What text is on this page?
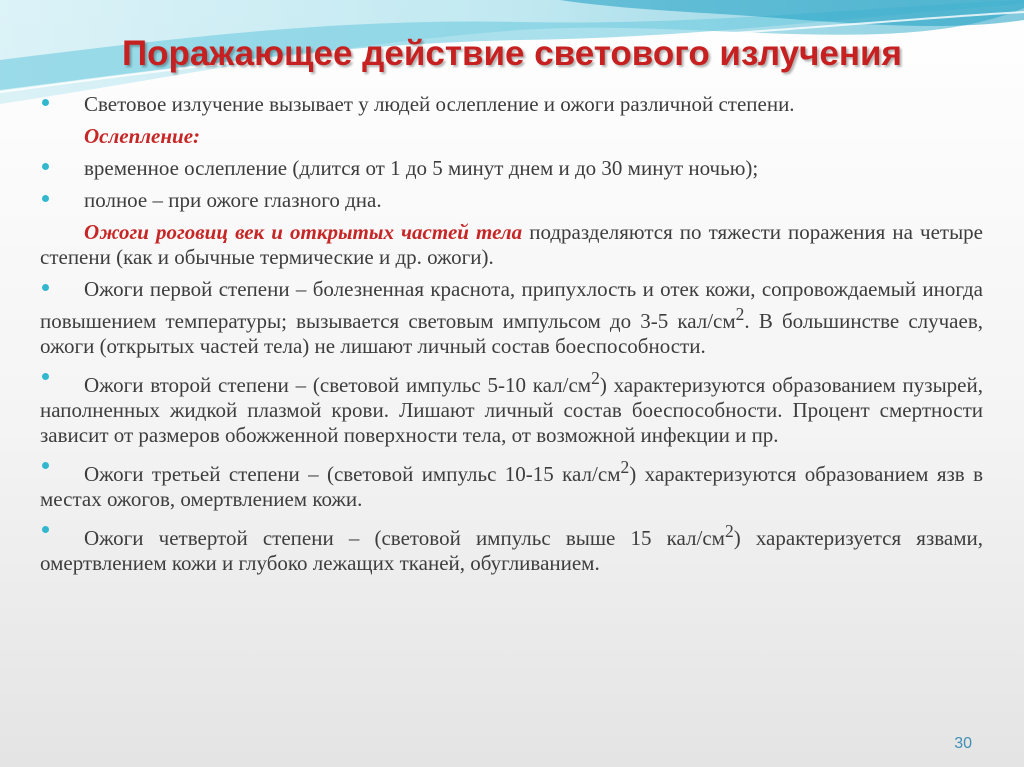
Поражающее действие светового излучения

Световое излучение вызывает у людей ослепление и ожоги различной степени.

Ослепление:

временное ослепление (длится от 1 до 5 минут днем и до 30 минут ночью);

полное – при ожоге глазного дна.

Ожоги роговиц век и открытых частей тела подразделяются по тяжести поражения на четыре степени (как и обычные термические и др. ожоги).

Ожоги первой степени – болезненная краснота, припухлость и отек кожи, сопровождаемый иногда повышением температуры; вызывается световым импульсом до 3-5 кал/$см^2$. В большинстве случаев, ожоги (открытых частей тела) не лишают личный состав боеспособности.

Ожоги второй степени – (световой импульс 5-10 кал/$см^2$) характеризуются образованием пузырей, наполненных жидкой плазмой крови. Лишают личный состав боеспособности. Процент смертности зависит от размеров обожженной поверхности тела, от возможной инфекции и пр.

Ожоги третьей степени – (световой импульс 10-15 кал/$см^2$) характеризуются образованием язв в местах ожогов, омертвлением кожи.

Ожоги четвертой степени – (световой импульс выше 15 кал/$см^2$) характеризуется язвами, омертвлением кожи и глубоко лежащих тканей, обугливанием.

30
